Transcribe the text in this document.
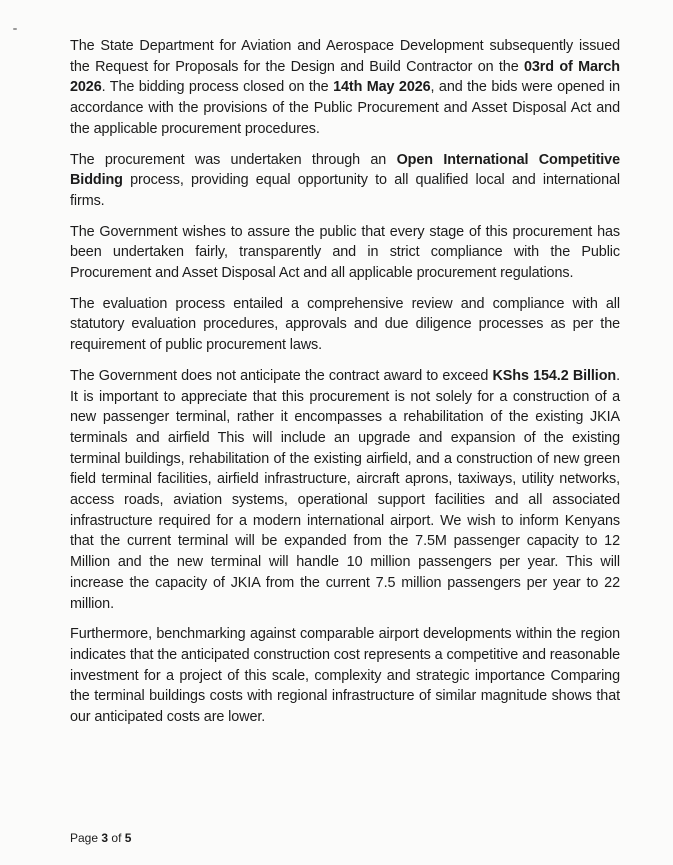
The State Department for Aviation and Aerospace Development subsequently issued the Request for Proposals for the Design and Build Contractor on the 03rd of March 2026. The bidding process closed on the 14th May 2026, and the bids were opened in accordance with the provisions of the Public Procurement and Asset Disposal Act and the applicable procurement procedures.

The procurement was undertaken through an Open International Competitive Bidding process, providing equal opportunity to all qualified local and international firms.

The Government wishes to assure the public that every stage of this procurement has been undertaken fairly, transparently and in strict compliance with the Public Procurement and Asset Disposal Act and all applicable procurement regulations.

The evaluation process entailed a comprehensive review and compliance with all statutory evaluation procedures, approvals and due diligence processes as per the requirement of public procurement laws.

The Government does not anticipate the contract award to exceed KShs 154.2 Billion. It is important to appreciate that this procurement is not solely for a construction of a new passenger terminal, rather it encompasses a rehabilitation of the existing JKIA terminals and airfield This will include an upgrade and expansion of the existing terminal buildings, rehabilitation of the existing airfield, and a construction of new green field terminal facilities, airfield infrastructure, aircraft aprons, taxiways, utility networks, access roads, aviation systems, operational support facilities and all associated infrastructure required for a modern international airport. We wish to inform Kenyans that the current terminal will be expanded from the 7.5M passenger capacity to 12 Million and the new terminal will handle 10 million passengers per year. This will increase the capacity of JKIA from the current 7.5 million passengers per year to 22 million.

Furthermore, benchmarking against comparable airport developments within the region indicates that the anticipated construction cost represents a competitive and reasonable investment for a project of this scale, complexity and strategic importance Comparing the terminal buildings costs with regional infrastructure of similar magnitude shows that our anticipated costs are lower.

Page 3 of 5
